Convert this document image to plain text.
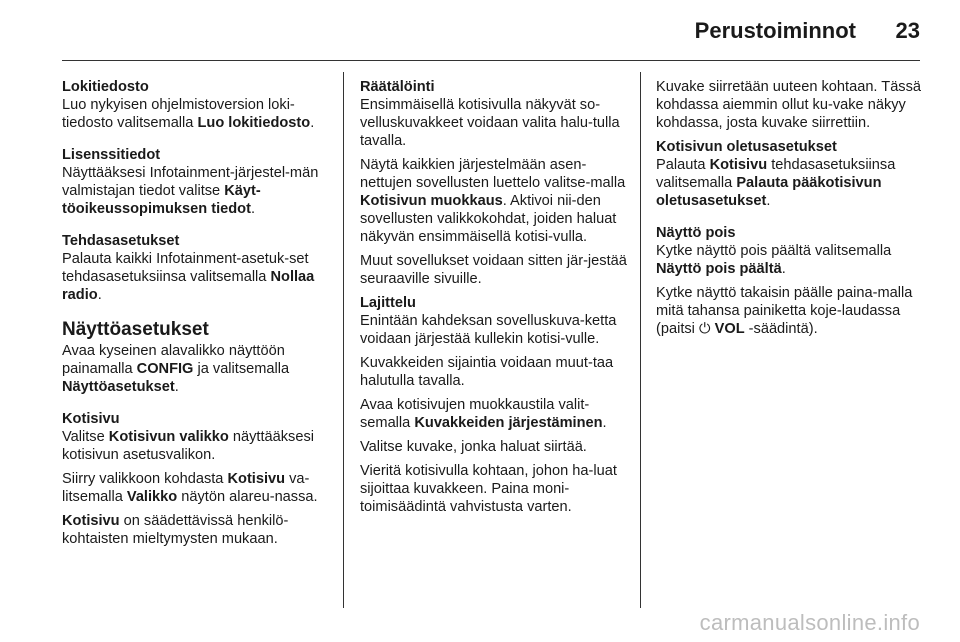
Perustoiminnot 23
Lokitiedosto
Luo nykyisen ohjelmistoversion loki-tiedosto valitsemalla Luo lokitiedosto.
Lisenssitiedot
Näyttääksesi Infotainment-järjestel-män valmistajan tiedot valitse Käyt-töoikeussopimuksen tiedot.
Tehdasasetukset
Palauta kaikki Infotainment-asetuk-set tehdasasetuksiinsa valitsemalla Nollaa radio.
Näyttöasetukset
Avaa kyseinen alavalikko näyttöön painamalla CONFIG ja valitsemalla Näyttöasetukset.
Kotisivu
Valitse Kotisivun valikko näyttääksesi kotisivun asetusvalikon.
Siirry valikkoon kohdasta Kotisivu va-litsemalla Valikko näytön alareu-nassa.
Kotisivu on säädettävissä henkilö-kohtaisten mieltymysten mukaan.
Räätälöinti
Ensimmäisellä kotisivulla näkyvät so-velluskuvakkeet voidaan valita halu-tulla tavalla.
Näytä kaikkien järjestelmään asen-nettujen sovellusten luettelo valitse-malla Kotisivun muokkaus. Aktivoi nii-den sovellusten valikkokohdat, joiden haluat näkyvän ensimmäisellä kotisi-vulla.
Muut sovellukset voidaan sitten jär-jestää seuraaville sivuille.
Lajittelu
Enintään kahdeksan sovelluskuva-ketta voidaan järjestää kullekin kotisi-vulle.
Kuvakkeiden sijaintia voidaan muut-taa halutulla tavalla.
Avaa kotisivujen muokkaustila valit-semalla Kuvakkeiden järjestäminen.
Valitse kuvake, jonka haluat siirtää.
Vieritä kotisivulla kohtaan, johon ha-luat sijoittaa kuvakkeen. Paina moni-toimisäädintä vahvistusta varten.
Kuvake siirretään uuteen kohtaan. Tässä kohdassa aiemmin ollut ku-vake näkyy kohdassa, josta kuvake siirrettiin.
Kotisivun oletusasetukset
Palauta Kotisivu tehdasasetuksiinsa valitsemalla Palauta pääkotisivun oletusasetukset.
Näyttö pois
Kytke näyttö pois päältä valitsemalla Näyttö pois päältä.
Kytke näyttö takaisin päälle paina-malla mitä tahansa painiketta koje-laudassa (paitsi ⏻ VOL -säädintä).
carmanualsonline.info
